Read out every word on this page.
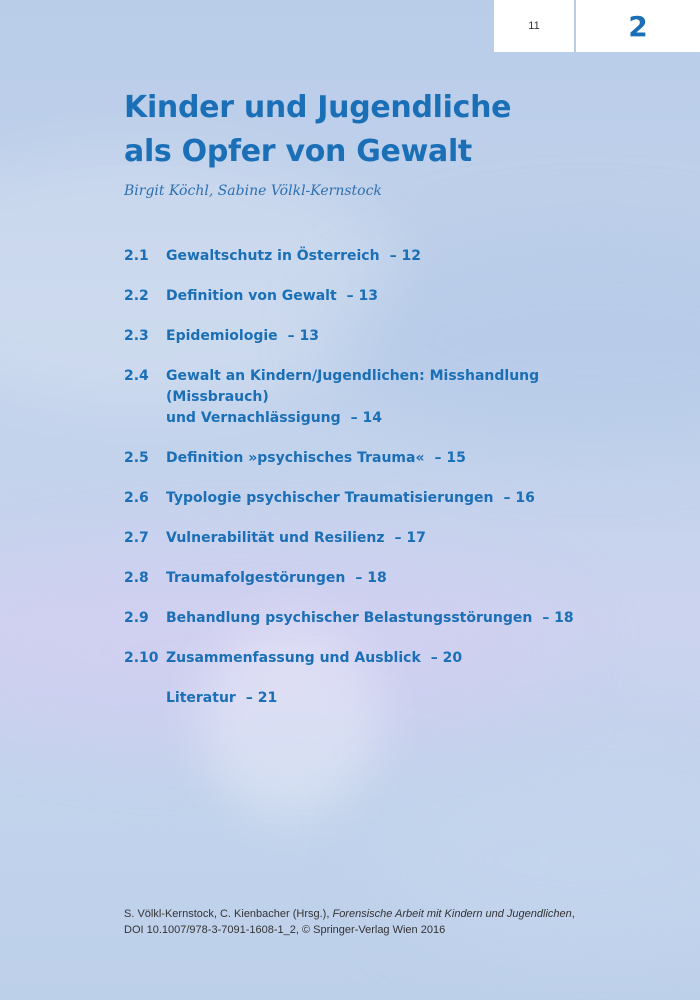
11	2
Kinder und Jugendliche
als Opfer von Gewalt
Birgit Köchl, Sabine Völkl-Kernstock
2.1	Gewaltschutz in Österreich – 12
2.2	Definition von Gewalt – 13
2.3	Epidemiologie – 13
2.4	Gewalt an Kindern/Jugendlichen: Misshandlung (Missbrauch)
und Vernachlässigung – 14
2.5	Definition »psychisches Trauma« – 15
2.6	Typologie psychischer Traumatisierungen – 16
2.7	Vulnerabilität und Resilienz – 17
2.8	Traumafolgestörungen – 18
2.9	Behandlung psychischer Belastungsstörungen – 18
2.10 Zusammenfassung und Ausblick – 20
Literatur – 21
S. Völkl-Kernstock, C. Kienbacher (Hrsg.), Forensische Arbeit mit Kindern und Jugendlichen,
DOI 10.1007/978-3-7091-1608-1_2, © Springer-Verlag Wien 2016
